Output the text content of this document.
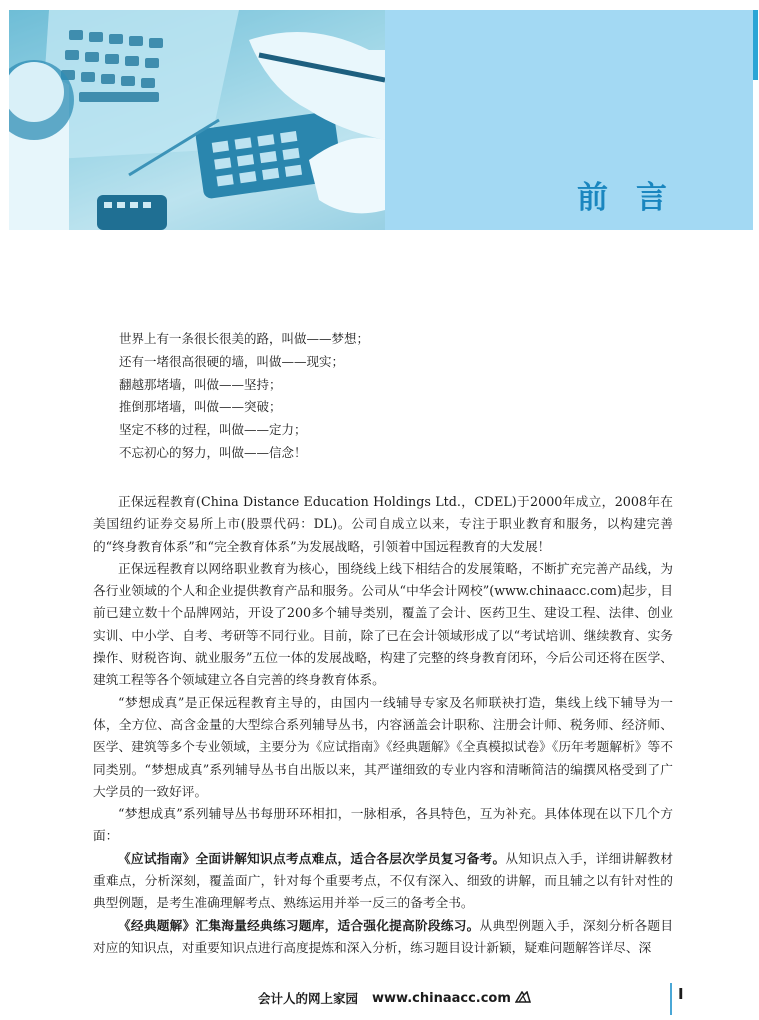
前言
世界上有一条很长很美的路，叫做——梦想；
还有一堵很高很硬的墙，叫做——现实；
翻越那堵墙，叫做——坚持；
推倒那堵墙，叫做——突破；
坚定不移的过程，叫做——定力；
不忘初心的努力，叫做——信念！

正保远程教育(China Distance Education Holdings Ltd.，CDEL)于2000年成立，2008年在美国纽约证券交易所上市(股票代码：DL)。公司自成立以来，专注于职业教育和服务，以构建完善的“终身教育体系”和“完全教育体系”为发展战略，引领着中国远程教育的大发展！

正保远程教育以网络职业教育为核心，围绕线上线下相结合的发展策略，不断扩充完善产品线，为各行业领域的个人和企业提供教育产品和服务。公司从“中华会计网校”(www.chinaacc.com)起步，目前已建立数十个品牌网站，开设了200多个辅导类别，覆盖了会计、医药卫生、建设工程、法律、创业实训、中小学、自考、考研等不同行业。目前，除了已在会计领域形成了以“考试培训、继续教育、实务操作、财税咨询、就业服务”五位一体的发展战略，构建了完整的终身教育闭环，今后公司还将在医学、建筑工程等各个领域建立各自完善的终身教育体系。

“梦想成真”是正保远程教育主导的，由国内一线辅导专家及名师联袂打造，集线上线下辅导为一体，全方位、高含金量的大型综合系列辅导丛书，内容涵盖会计职称、注册会计师、税务师、经济师、医学、建筑等多个专业领域，主要分为《应试指南》《经典题解》《全真模拟试卷》《历年考题解析》等不同类别。“梦想成真”系列辅导丛书自出版以来，其严谨细致的专业内容和清晰简洁的编撰风格受到了广大学员的一致好评。

“梦想成真”系列辅导丛书每册环环相扣，一脉相承，各具特色，互为补充。具体体现在以下几个方面：

《应试指南》全面讲解知识点考点难点，适合各层次学员复习备考。从知识点入手，详细讲解教材重难点，分析深刻，覆盖面广，针对每个重要考点，不仅有深入、细致的讲解，而且辅之以有针对性的典型例题，是考生准确理解考点、熟练运用并举一反三的备考全书。

《经典题解》汇集海量经典练习题库，适合强化提高阶段练习。从典型例题入手，深刻分析各题目对应的知识点，对重要知识点进行高度提炼和深入分析，练习题目设计新颖，疑难问题解答详尽、深

会计人的网上家园 www.chinaacc.com	I
